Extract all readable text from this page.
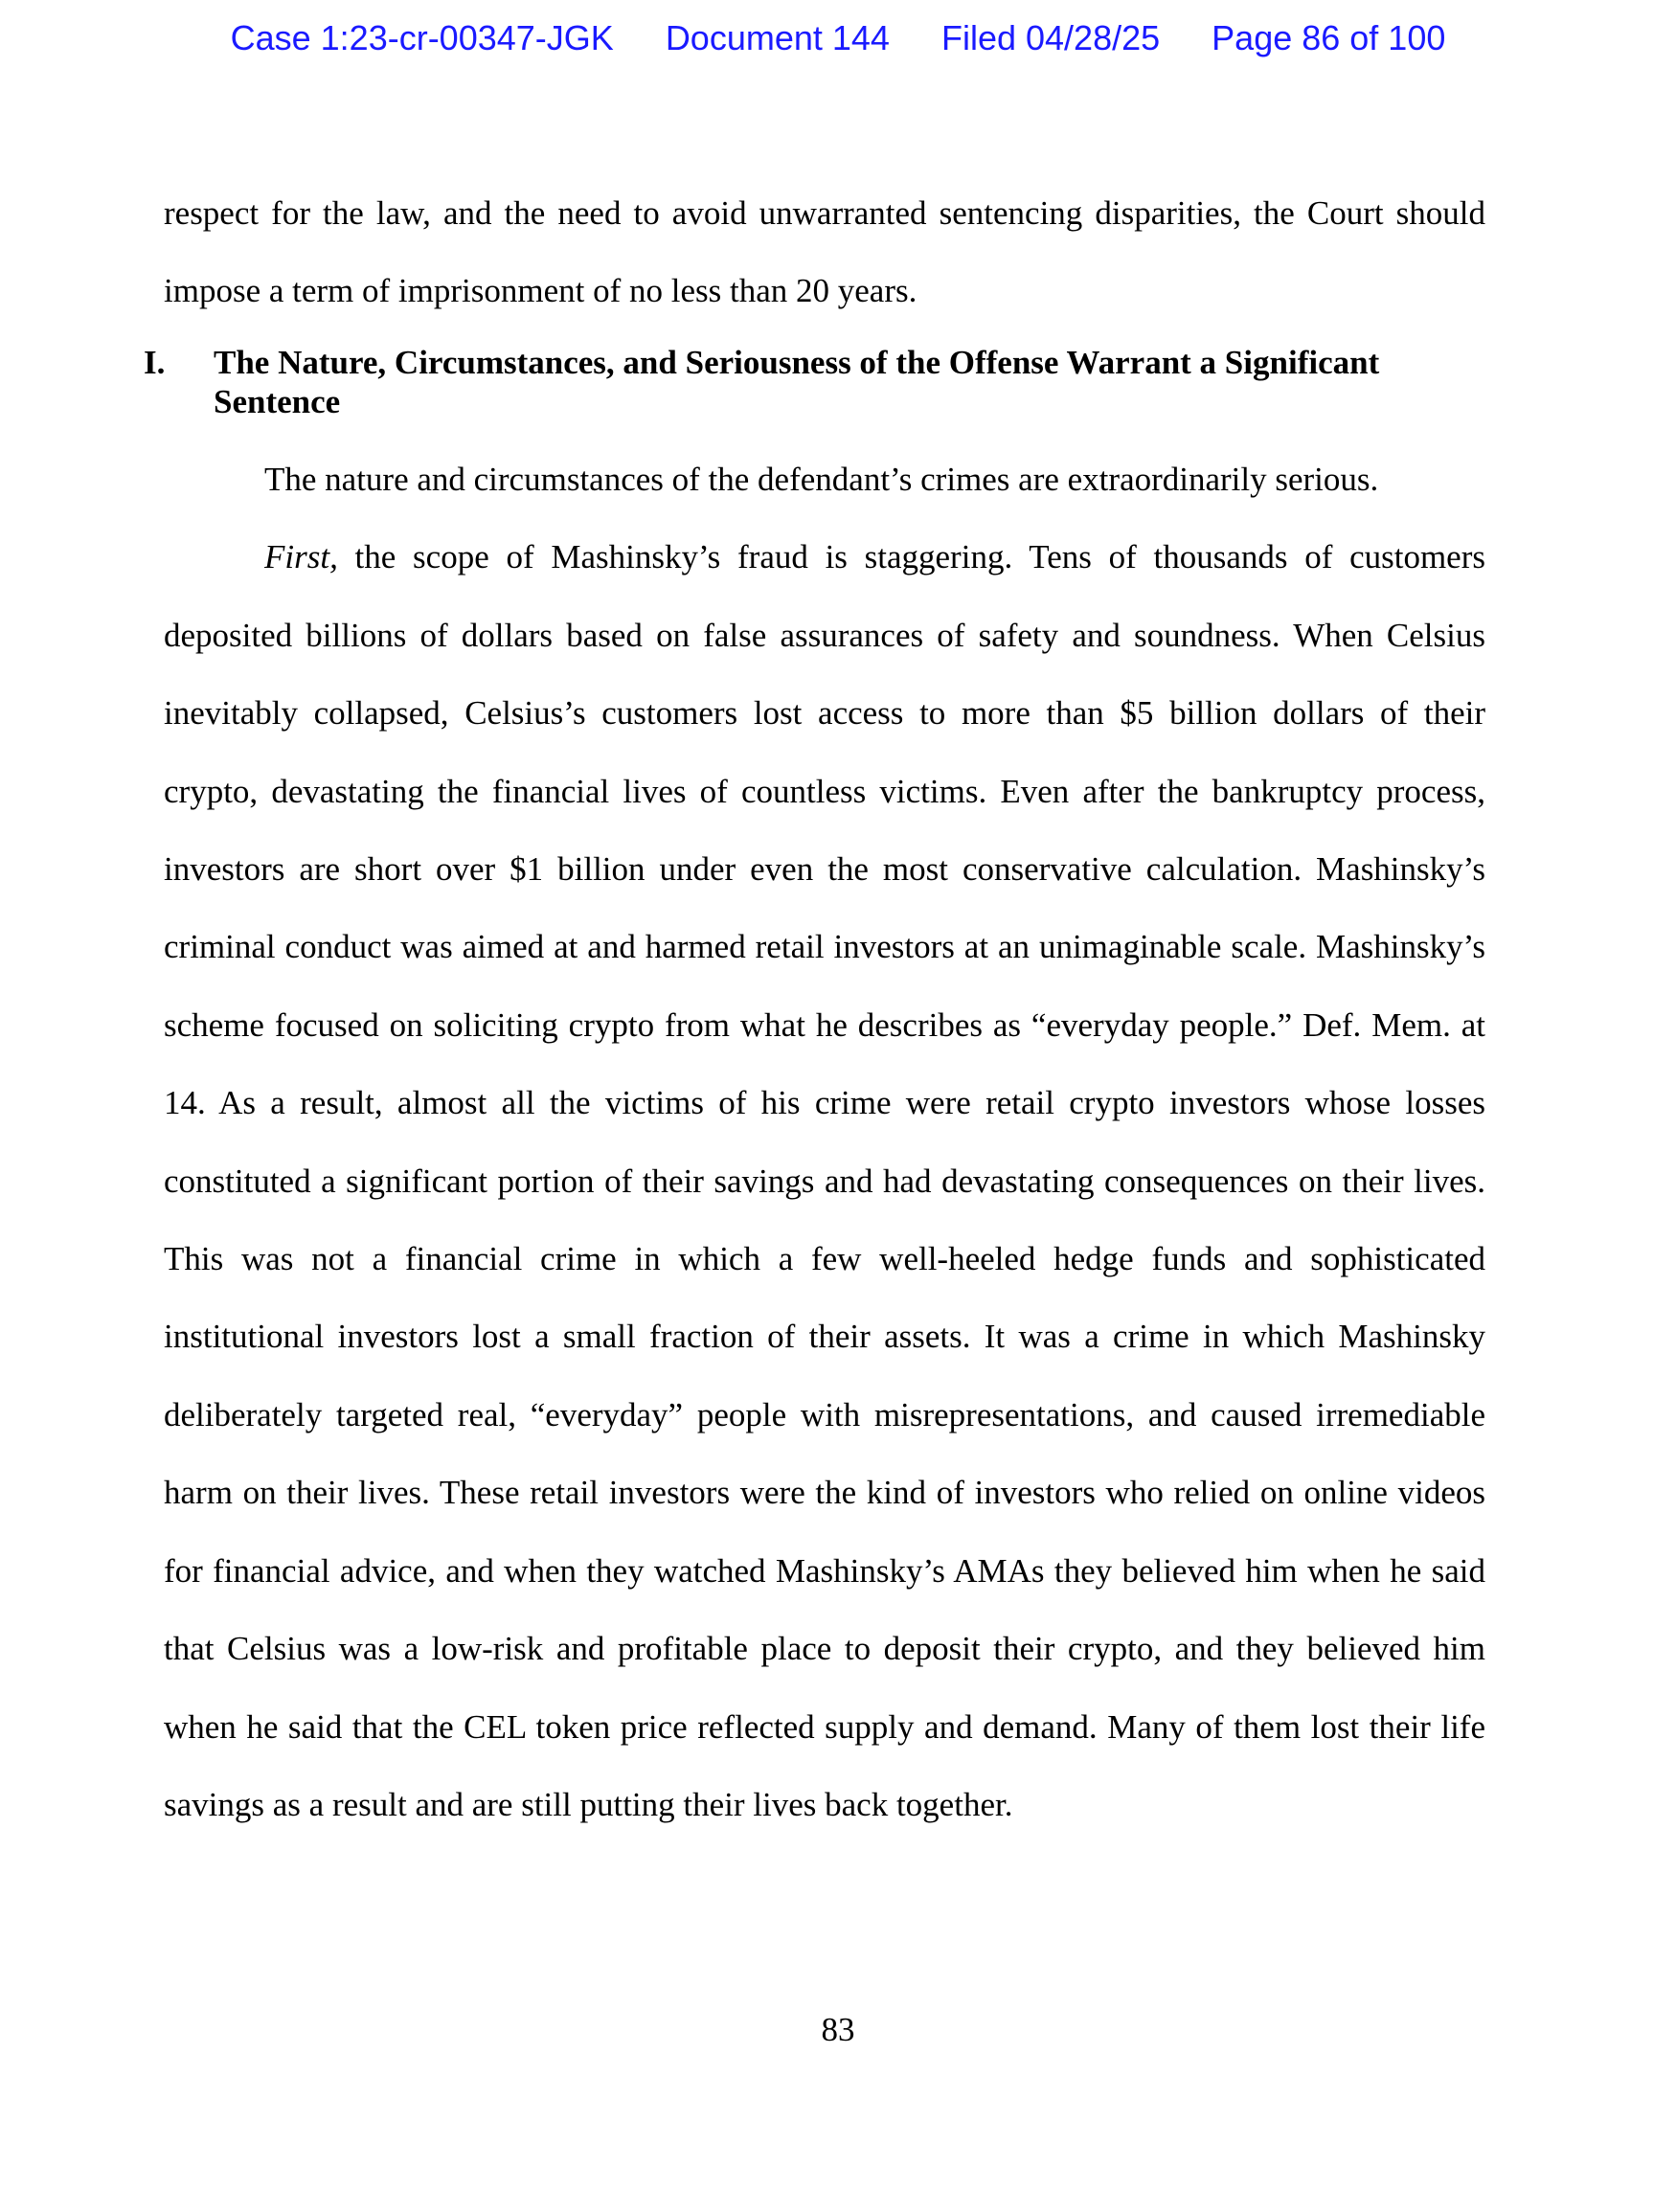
Case 1:23-cr-00347-JGK Document 144 Filed 04/28/25 Page 86 of 100

respect for the law, and the need to avoid unwarranted sentencing disparities, the Court should impose a term of imprisonment of no less than 20 years.

I. The Nature, Circumstances, and Seriousness of the Offense Warrant a Significant Sentence

The nature and circumstances of the defendant’s crimes are extraordinarily serious.

First, the scope of Mashinsky’s fraud is staggering. Tens of thousands of customers deposited billions of dollars based on false assurances of safety and soundness. When Celsius inevitably collapsed, Celsius’s customers lost access to more than $5 billion dollars of their crypto, devastating the financial lives of countless victims. Even after the bankruptcy process, investors are short over $1 billion under even the most conservative calculation. Mashinsky’s criminal conduct was aimed at and harmed retail investors at an unimaginable scale. Mashinsky’s scheme focused on soliciting crypto from what he describes as “everyday people.” Def. Mem. at 14. As a result, almost all the victims of his crime were retail crypto investors whose losses constituted a significant portion of their savings and had devastating consequences on their lives. This was not a financial crime in which a few well-heeled hedge funds and sophisticated institutional investors lost a small fraction of their assets. It was a crime in which Mashinsky deliberately targeted real, “everyday” people with misrepresentations, and caused irremediable harm on their lives. These retail investors were the kind of investors who relied on online videos for financial advice, and when they watched Mashinsky’s AMAs they believed him when he said that Celsius was a low-risk and profitable place to deposit their crypto, and they believed him when he said that the CEL token price reflected supply and demand. Many of them lost their life savings as a result and are still putting their lives back together.

83
